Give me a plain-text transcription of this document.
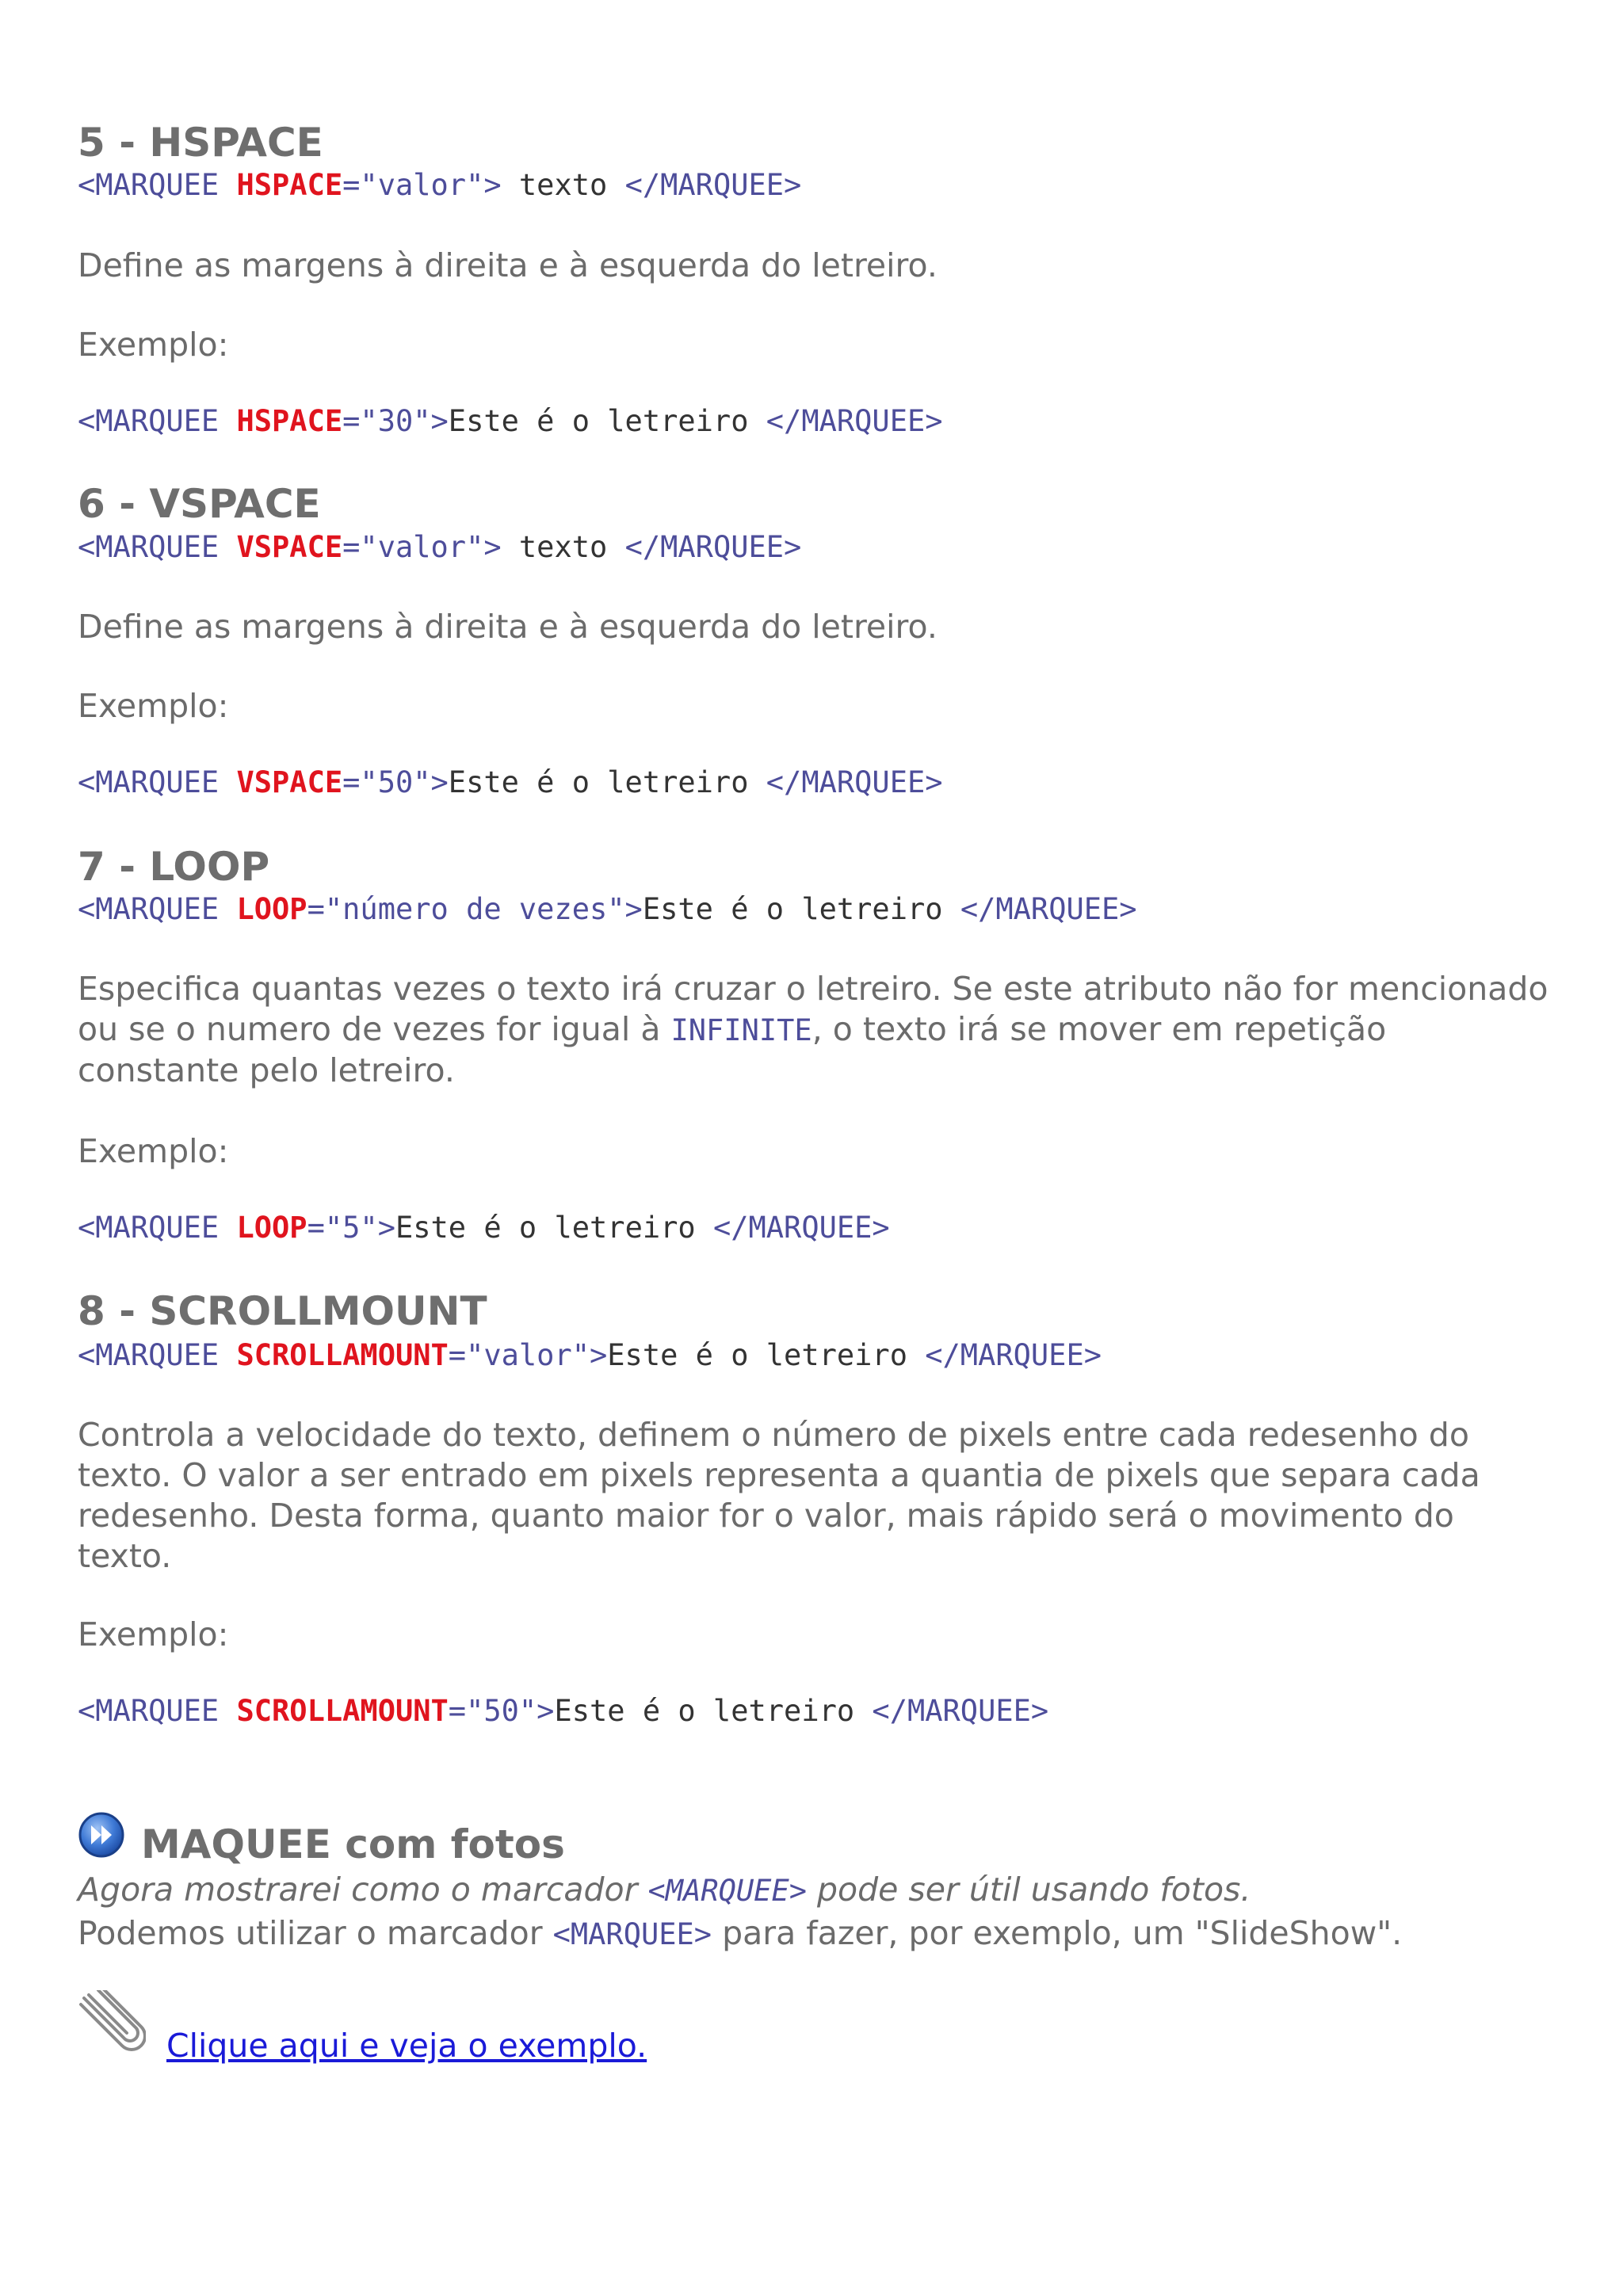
5 - HSPACE
<MARQUEE HSPACE="valor"> texto </MARQUEE>
Define as margens à direita e à esquerda do letreiro.
Exemplo:
<MARQUEE HSPACE="30">Este é o letreiro </MARQUEE>
6 - VSPACE
<MARQUEE VSPACE="valor"> texto </MARQUEE>
Define as margens à direita e à esquerda do letreiro.
Exemplo:
<MARQUEE VSPACE="50">Este é o letreiro </MARQUEE>
7 - LOOP
<MARQUEE LOOP="número de vezes">Este é o letreiro </MARQUEE>
Especifica quantas vezes o texto irá cruzar o letreiro. Se este atributo não for mencionado ou se o numero de vezes for igual à INFINITE, o texto irá se mover em repetição constante pelo letreiro.
Exemplo:
<MARQUEE LOOP="5">Este é o letreiro </MARQUEE>
8 - SCROLLMOUNT
<MARQUEE SCROLLAMOUNT="valor">Este é o letreiro </MARQUEE>
Controla a velocidade do texto, definem o número de pixels entre cada redesenho do texto. O valor a ser entrado em pixels representa a quantia de pixels que separa cada redesenho. Desta forma, quanto maior for o valor, mais rápido será o movimento do texto.
Exemplo:
<MARQUEE SCROLLAMOUNT="50">Este é o letreiro </MARQUEE>
MAQUEE com fotos
Agora mostrarei como o marcador <MARQUEE> pode ser útil usando fotos.
Podemos utilizar o marcador <MARQUEE> para fazer, por exemplo, um "SlideShow".
Clique aqui e veja o exemplo.
